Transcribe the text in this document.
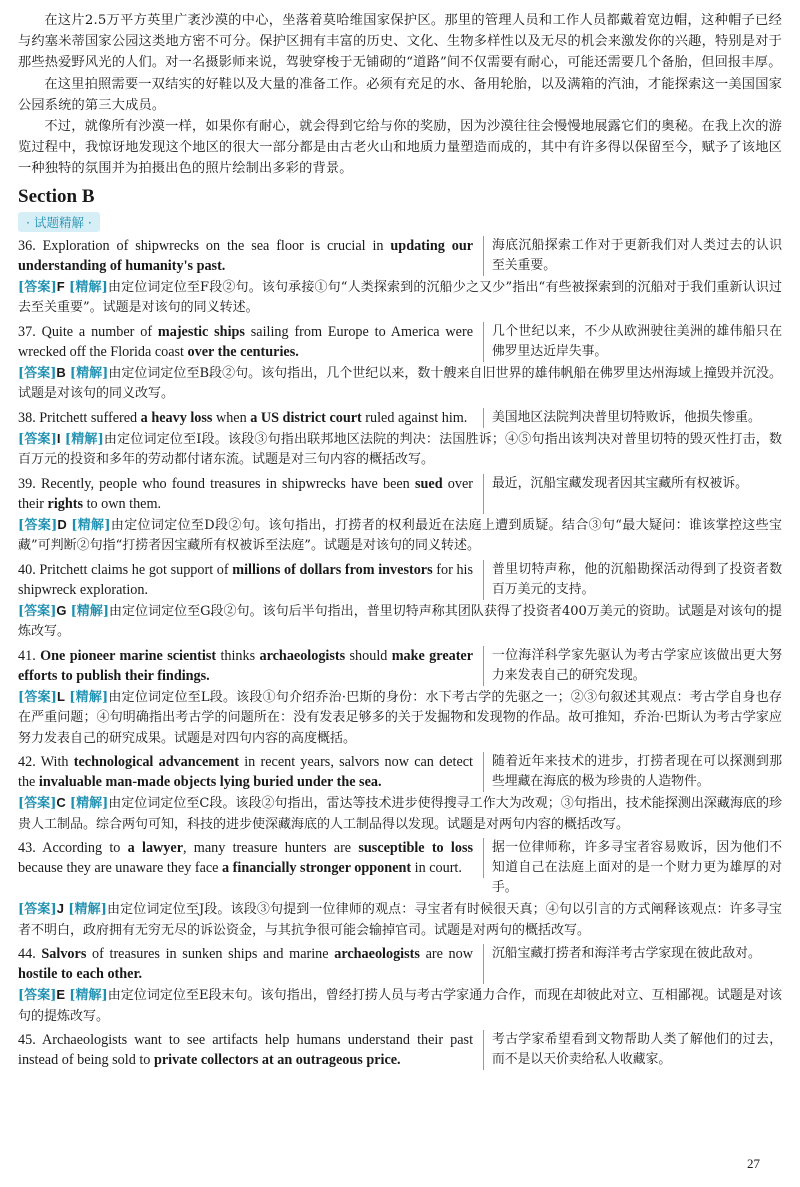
在这片2.5万平方英里广袤沙漠的中心，坐落着莫哈维国家保护区。那里的管理人员和工作人员都戴着宽边帽，这种帽子已经与约塞米蒂国家公园这类地方密不可分。保护区拥有丰富的历史、文化、生物多样性以及无尽的机会来激发你的兴趣，特别是对于那些热爱野风光的人们。对一名摄影师来说，驾驶穿梭于无铺砌的“道路”间不仅需要有耐心，可能还需要几个备胎，但回报丰厚。

在这里拍照需要一双结实的好鞋以及大量的准备工作。必须有充足的水、备用轮胎，以及满箱的汽油，才能探索这一美国国家公园系统的第三大成员。

不过，就像所有沙漠一样，如果你有耐心，就会得到它给与你的奖励，因为沙漠往往会慢慢地展露它们的奥秘。在我上次的游览过程中，我惊讶地发现这个地区的很大一部分都是由古老火山和地质力量塑造而成的，其中有许多得以保留至今，赋予了该地区一种独特的氛围并为拍摄出色的照片绘制出多彩的背景。

Section B
· 试题精解 ·
36. Exploration of shipwrecks on the sea floor is crucial in updating our understanding of humanity's past.
海底沉船探索工作对于更新我们对人类过去的认识至关重要。
[答案]F [精解]由定位词定位至F段②句。该句承接①句“人类探索到的沉船少之又少”指出“有些被探索到的沉船对于我们重新认识过去至关重要”。试题是对该句的同义转述。
37. Quite a number of majestic ships sailing from Europe to America were wrecked off the Florida coast over the centuries.
几个世纪以来，不少从欧洲驶往美洲的雄伟船只在佛罗里达近岸失事。
[答案]B [精解]由定位词定位至B段②句。该句指出，几个世纪以来，数十艘来自旧世界的雄伟帆船在佛罗里达州海域上撞毁并沉没。试题是对该句的同义改写。
38. Pritchett suffered a heavy loss when a US district court ruled against him.	美国地区法院判决普里切特败诉，他损失惨重。
[答案]I [精解]由定位词定位至I段。该段③句指出联邦地区法院的判决：法国胜诉；④⑤句指出该判决对普里切特的毁灭性打击，数百万元的投资和多年的劳动都付诸东流。试题是对三句内容的概括改写。
39. Recently, people who found treasures in shipwrecks have been sued over their rights to own them.
最近，沉船宝藏发现者因其宝藏所有权被诉。
[答案]D [精解]由定位词定位至D段②句。该句指出，打捞者的权利最近在法庭上遭到质疑。结合③句“最大疑问：谁该掌控这些宝藏”可判断②句指“打捞者因宝藏所有权被诉至法庭”。试题是对该句的同义转述。
40. Pritchett claims he got support of millions of dollars from investors for his shipwreck exploration.
普里切特声称，他的沉船勘探活动得到了投资者数百万美元的支持。
[答案]G [精解]由定位词定位至G段②句。该句后半句指出，普里切特声称其团队获得了投资者400万美元的资助。试题是对该句的提炼改写。
41. One pioneer marine scientist thinks archaeologists should make greater efforts to publish their findings.
一位海洋科学家先驱认为考古学家应该做出更大努力来发表自己的研究发现。
[答案]L [精解]由定位词定位至L段。该段①句介绍乔治·巴斯的身份：水下考古学的先驱之一；②③句叙述其观点：考古学自身也存在严重问题；④句明确指出考古学的问题所在：没有发表足够多的关于发掘物和发现物的作品。故可推知，乔治·巴斯认为考古学家应努力发表自己的研究成果。试题是对四句内容的高度概括。
42. With technological advancement in recent years, salvors now can detect the invaluable man-made objects lying buried under the sea.
随着近年来技术的进步，打捞者现在可以探测到那些埋藏在海底的极为珍贵的人造物件。
[答案]C [精解]由定位词定位至C段。该段②句指出，雷达等技术进步使得搜寻工作大为改观；③句指出，技术能探测出深藏海底的珍贵人工制品。综合两句可知，科技的进步使深藏海底的人工制品得以发现。试题是对两句内容的概括改写。
43. According to a lawyer, many treasure hunters are susceptible to loss because they are unaware they face a financially stronger opponent in court.
据一位律师称，许多寻宝者容易败诉，因为他们不知道自己在法庭上面对的是一个财力更为雄厚的对手。
[答案]J [精解]由定位词定位至J段。该段③句提到一位律师的观点：寻宝者有时候很天真；④句以引言的方式阐释该观点：许多寻宝者不明白，政府拥有无穷无尽的诉讼资金，与其抗争很可能会输掉官司。试题是对两句的概括改写。
44. Salvors of treasures in sunken ships and marine archaeologists are now hostile to each other.
沉船宝藏打捞者和海洋考古学家现在彼此敌对。
[答案]E [精解]由定位词定位至E段末句。该句指出，曾经打捞人员与考古学家通力合作，而现在却彼此对立、互相鄙视。试题是对该句的提炼改写。
45. Archaeologists want to see artifacts help humans understand their past instead of being sold to private collectors at an outrageous price.
考古学家希望看到文物帮助人类了解他们的过去，而不是以天价卖给私人收藏家。
27
